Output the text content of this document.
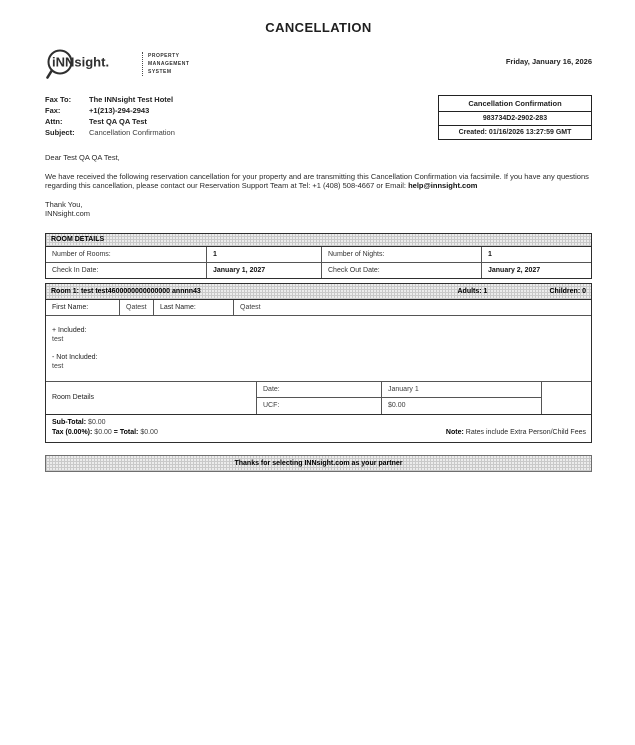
CANCELLATION
iNNsight.	PROPERTY
MANAGEMENT
SYSTEM
Friday, January 16, 2026
Fax To: The INNsight Test Hotel
Fax:	+1(213)-294-2943
Attn:	Test QA QA Test
Subject: Cancellation Confirmation
Cancellation Confirmation
983734D2-2902-283
Created: 01/16/2026 13:27:59 GMT
Dear Test QA QA Test,
We have received the following reservation cancellation for your property and are transmitting this Cancellation Confirmation via facsimile. If you have any questions regarding this cancellation, please contact our Reservation Support Team at Tel: +1 (408) 508-4667 or Email: help@innsight.com
Thank You,
INNsight.com
ROOM DETAILS
Number of Rooms:	1	Number of Nights:	1
Check In Date:	January 1, 2027	Check Out Date:	January 2, 2027
Room 1: test test4600000000000000 annnn43	Adults: 1	Children: 0
First Name:	Qatest	Last Name:	Qatest
+ Included:
test
- Not Included:
test
Room Details
Date:	January 1
UCF:	$0.00
Sub-Total: $0.00
Tax (0.00%): $0.00 = Total: $0.00	Note: Rates include Extra Person/Child Fees
Thanks for selecting INNsight.com as your partner
